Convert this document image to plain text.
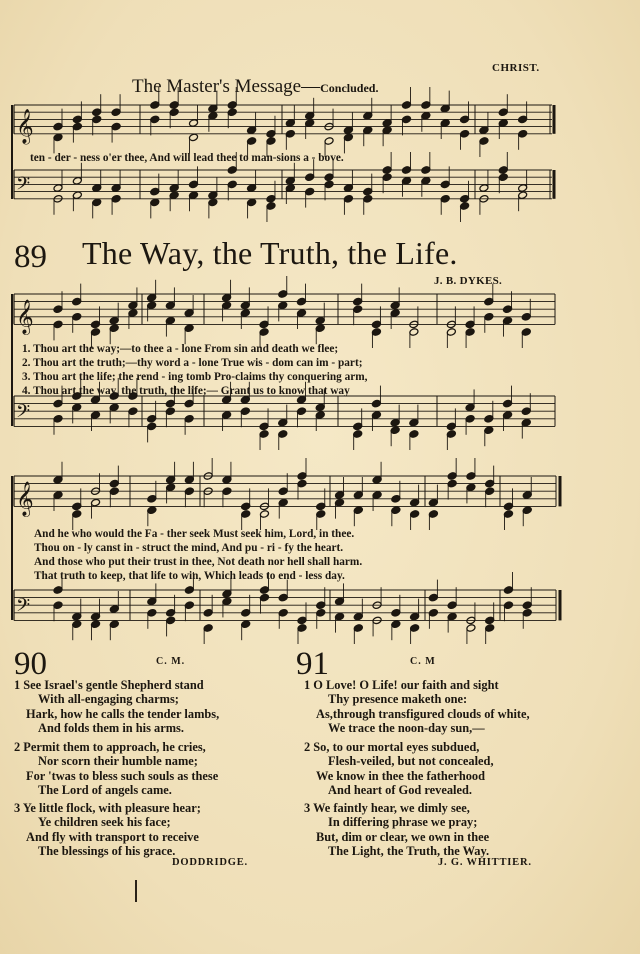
𝄞
𝄢
𝄞
𝄢
𝄞
𝄢
CHRIST.
The Master's Message—Concluded.
ten - der - ness o'er thee, And will lead thee to man-sions a - bove.
89 The Way, the Truth, the Life.
J. B. DYKES.
1. Thou art the way;—to thee a - lone From sin and death we flee;
2. Thou art the truth;—thy word a - lone True wis - dom can im - part;
3. Thou art the life; the rend - ing tomb Pro-claims thy conquering arm,
4. Thou art the way, the truth, the life;— Grant us to know that way
And he who would the Fa - ther seek Must seek him, Lord, in thee.
Thou on - ly canst in - struct the mind, And pu - ri - fy the heart.
And those who put their trust in thee, Not death nor hell shall harm.
That truth to keep, that life to win, Which leads to end - less day.
90	C. M.
1 See Israel's gentle Shepherd stand
With all-engaging charms;
Hark, how he calls the tender lambs,
And folds them in his arms.
2 Permit them to approach, he cries,
Nor scorn their humble name;
For 'twas to bless such souls as these
The Lord of angels came.
3 Ye little flock, with pleasure hear;
Ye children seek his face;
And fly with transport to receive
The blessings of his grace.
DODDRIDGE.
91	C. M
1 O Love! O Life! our faith and sight
Thy presence maketh one:
As,through transfigured clouds of white,
We trace the noon-day sun,—
2 So, to our mortal eyes subdued,
Flesh-veiled, but not concealed,
We know in thee the fatherhood
And heart of God revealed.
3 We faintly hear, we dimly see,
In differing phrase we pray;
But, dim or clear, we own in thee
The Light, the Truth, the Way.
J. G. WHITTIER.
